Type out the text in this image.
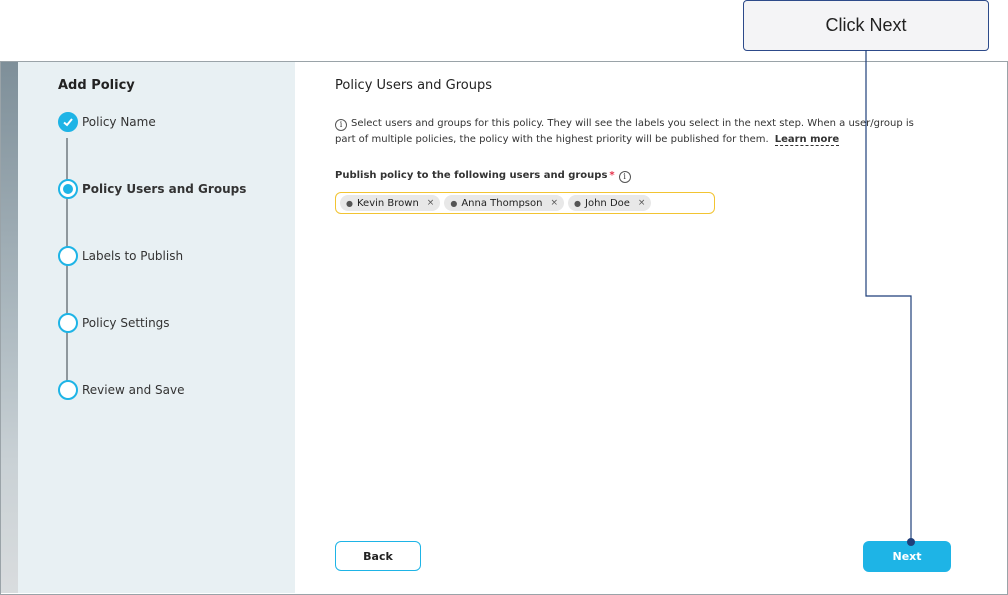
Add Policy
Policy Name
Policy Users and Groups
Labels to Publish
Policy Settings
Review and Save
Policy Users and Groups
i Select users and groups for this policy. They will see the labels you select in the next step. When a user/group is part of multiple policies, the policy with the highest priority will be published for them. Learn more
Publish policy to the following users and groups * i
● Kevin Brown × ● Anna Thompson × ● John Doe ×
Back	Next
Click Next
